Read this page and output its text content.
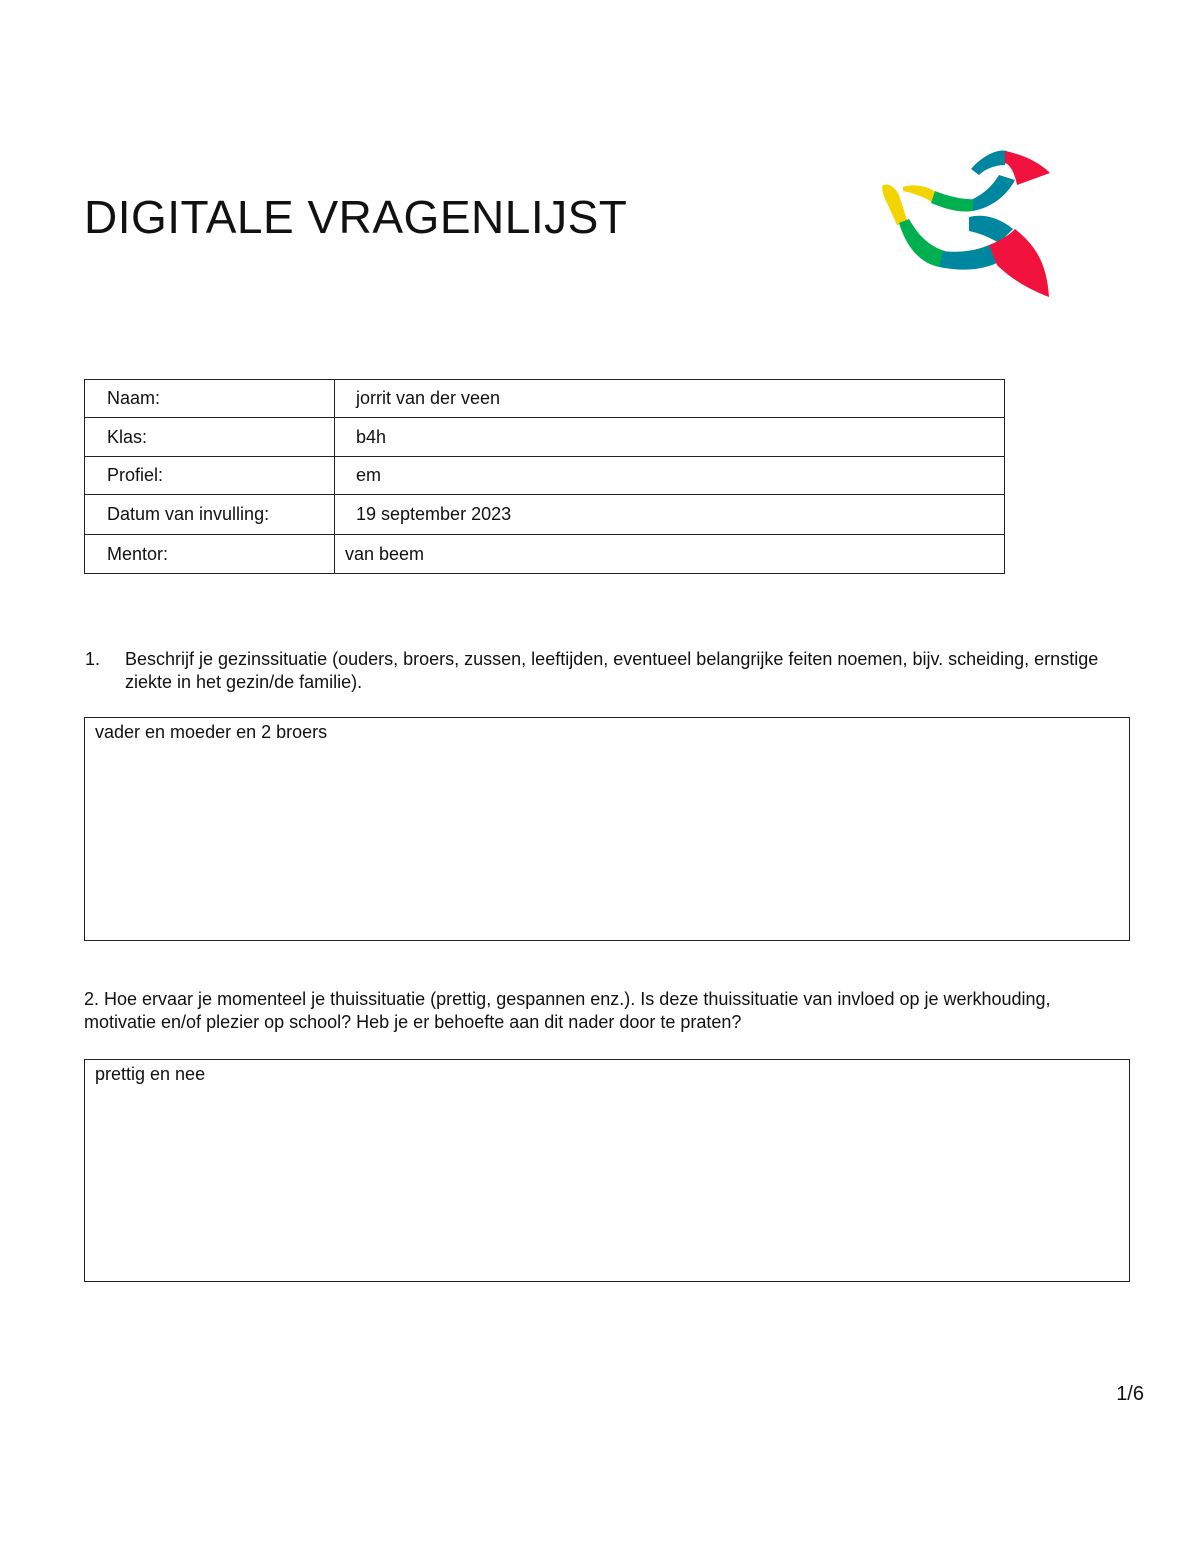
DIGITALE VRAGENLIJST
Naam:	jorrit van der veen
Klas:	b4h
Profiel:	em
Datum van invulling:	19 september 2023
Mentor:	van beem
1. Beschrijf je gezinssituatie (ouders, broers, zussen, leeftijden, eventueel belangrijke feiten noemen, bijv. scheiding, ernstige ziekte in het gezin/de familie).
vader en moeder en 2 broers
2. Hoe ervaar je momenteel je thuissituatie (prettig, gespannen enz.). Is deze thuissituatie van invloed op je werkhouding, motivatie en/of plezier op school? Heb je er behoefte aan dit nader door te praten?
prettig en nee
1/6
